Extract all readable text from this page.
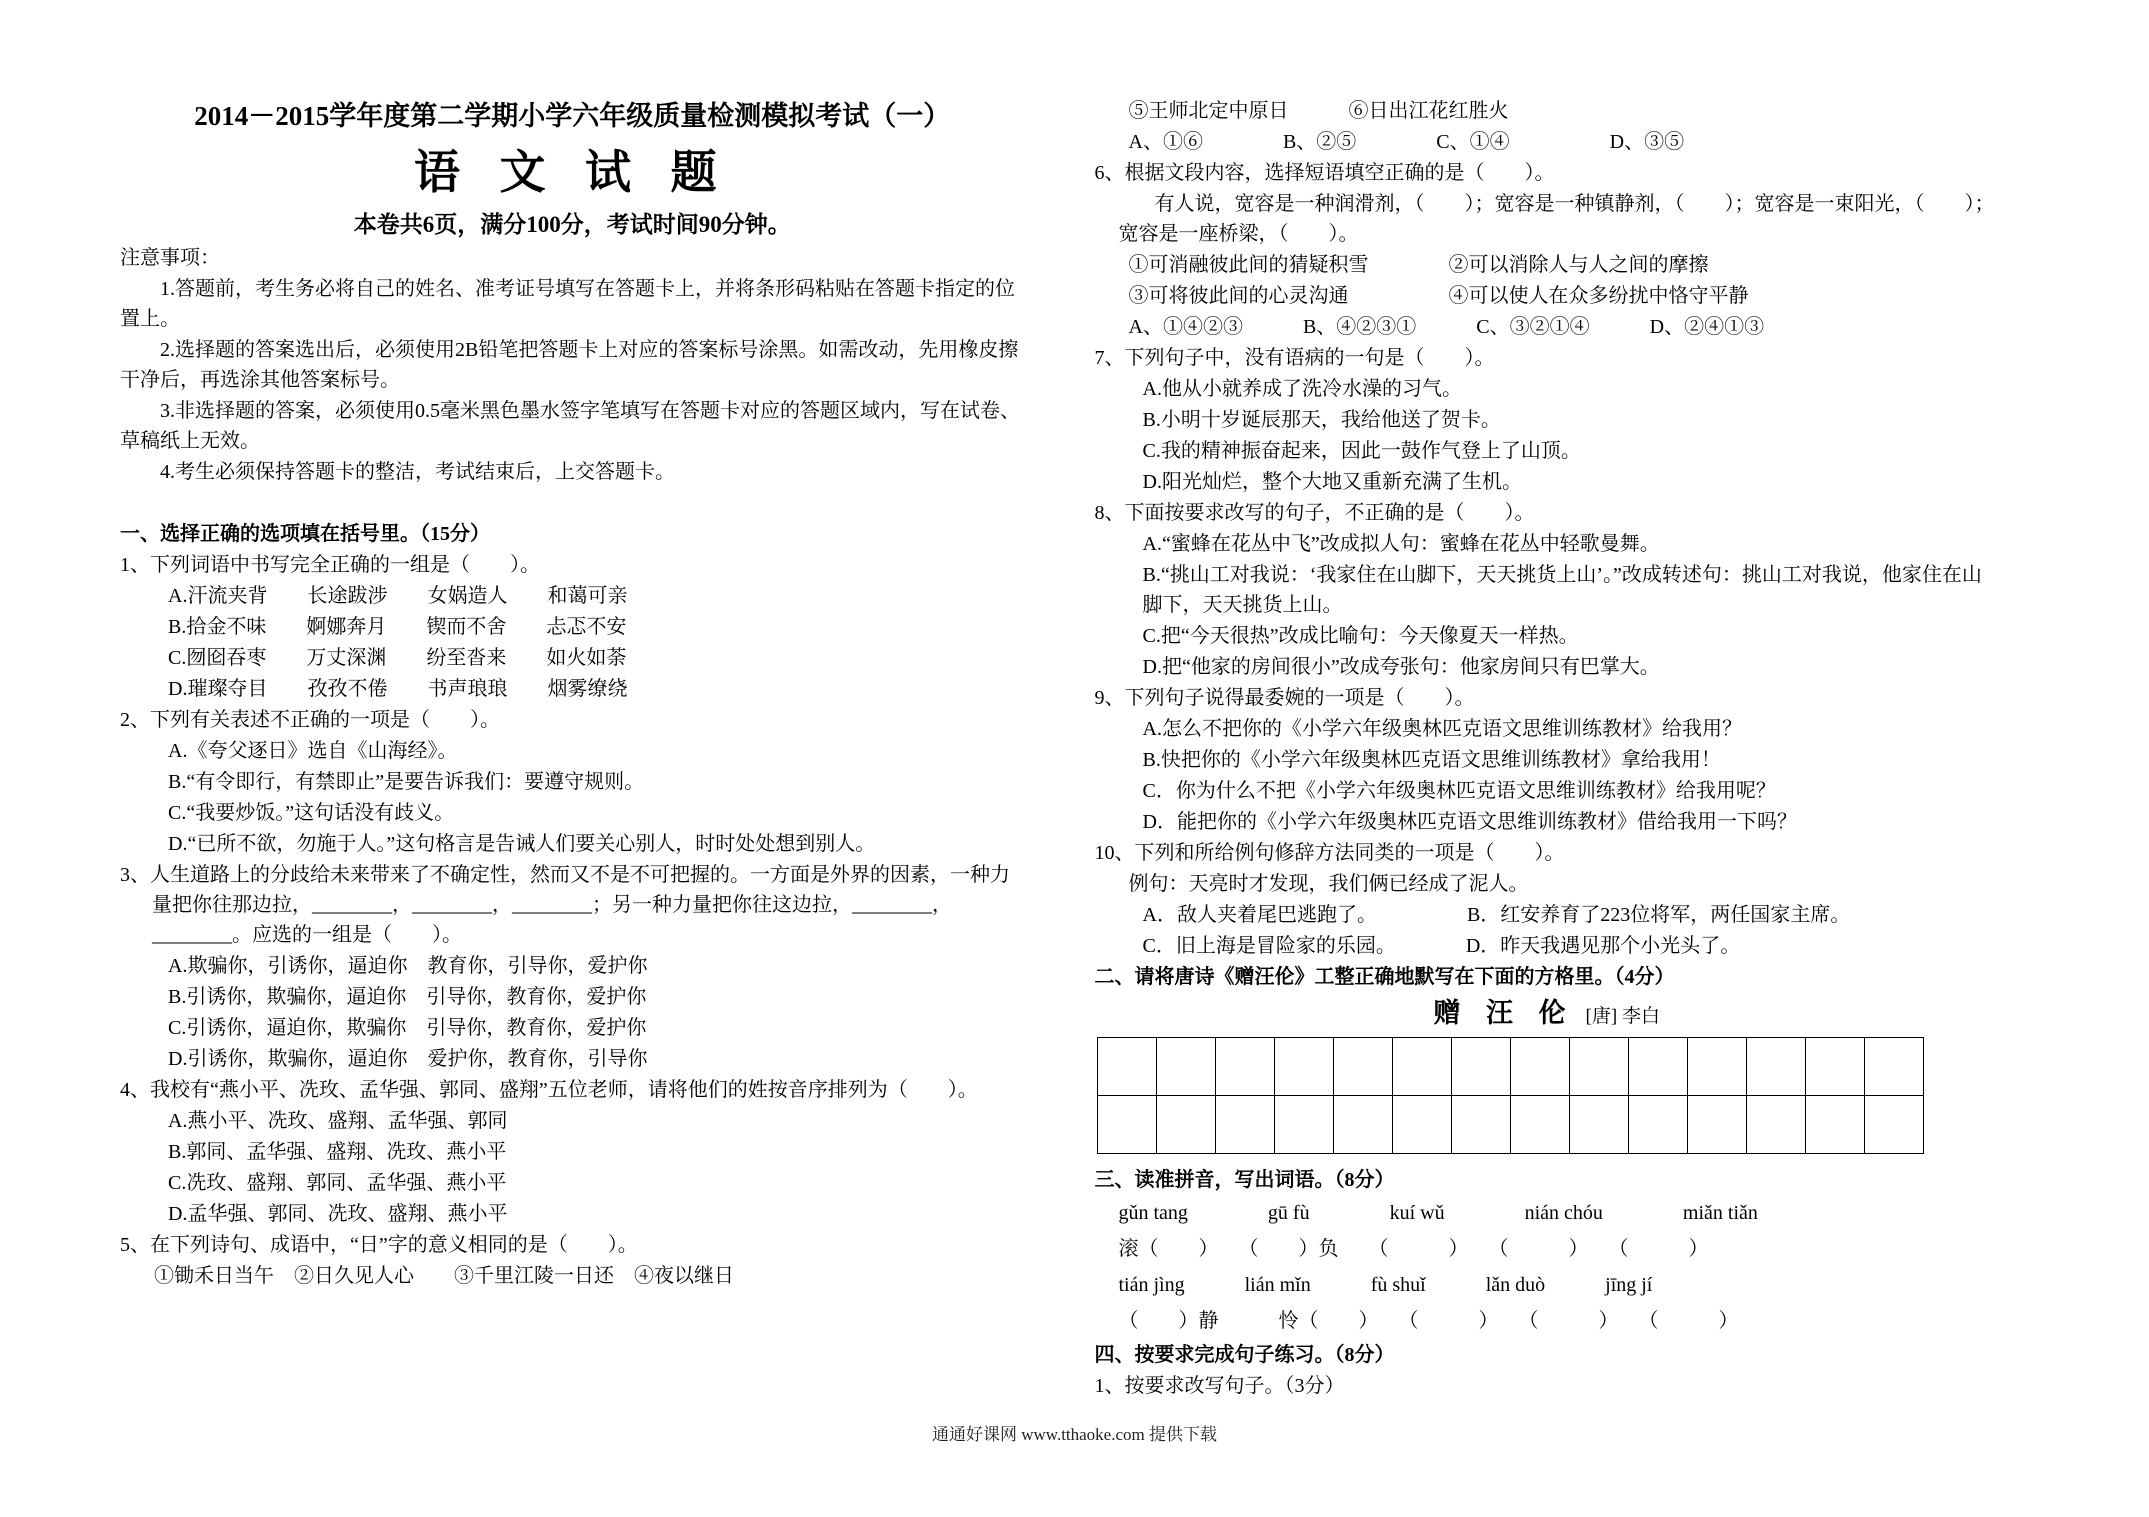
2014－2015学年度第二学期小学六年级质量检测模拟考试（一）
语 文 试 题
本卷共6页，满分100分，考试时间90分钟。
注意事项：
1.答题前，考生务必将自己的姓名、准考证号填写在答题卡上，并将条形码粘贴在答题卡指定的位置上。
2.选择题的答案选出后，必须使用2B铅笔把答题卡上对应的答案标号涂黑。如需改动，先用橡皮擦干净后，再选涂其他答案标号。
3.非选择题的答案，必须使用0.5毫米黑色墨水签字笔填写在答题卡对应的答题区域内，写在试卷、草稿纸上无效。
4.考生必须保持答题卡的整洁，考试结束后，上交答题卡。
一、选择正确的选项填在括号里。（15分）
1、下列词语中书写完全正确的一组是（　　）。
A.汗流夹背　　长途跋涉　　女娲造人　　和蔼可亲
B.拾金不味　　婀娜奔月　　锲而不舍　　忐忑不安
C.囫囵吞枣　　万丈深渊　　纷至沓来　　如火如荼
D.璀璨夺目　　孜孜不倦　　书声琅琅　　烟雾缭绕
2、下列有关表述不正确的一项是（　　）。
A.《夸父逐日》选自《山海经》。
B.“有令即行，有禁即止”是要告诉我们：要遵守规则。
C.“我要炒饭。”这句话没有歧义。
D.“已所不欲，勿施于人。”这句格言是告诫人们要关心别人，时时处处想到别人。
3、人生道路上的分歧给未来带来了不确定性，然而又不是不可把握的。一方面是外界的因素，一种力量把你往那边拉，________，________，________；另一种力量把你往这边拉，________，________。应选的一组是（　　）。
A.欺骗你，引诱你，逼迫你　教育你，引导你，爱护你
B.引诱你，欺骗你，逼迫你　引导你，教育你，爱护你
C.引诱你，逼迫你，欺骗你　引导你，教育你，爱护你
D.引诱你，欺骗你，逼迫你　爱护你，教育你，引导你
4、我校有“燕小平、冼玫、孟华强、郭同、盛翔”五位老师，请将他们的姓按音序排列为（　　）。
A.燕小平、冼玫、盛翔、孟华强、郭同
B.郭同、孟华强、盛翔、冼玫、燕小平
C.冼玫、盛翔、郭同、孟华强、燕小平
D.孟华强、郭同、冼玫、盛翔、燕小平
5、在下列诗句、成语中，“日”字的意义相同的是（　　）。
①锄禾日当午　②日久见人心　　③千里江陵一日还　④夜以继日
⑤王师北定中原日　　　⑥日出江花红胜火
A、①⑥　　　　B、②⑤　　　　C、①④　　　　　D、③⑤
6、根据文段内容，选择短语填空正确的是（　　）。
有人说，宽容是一种润滑剂，（　　）；宽容是一种镇静剂，（　　）；宽容是一束阳光，（　　）；宽容是一座桥梁，（　　）。
①可消融彼此间的猜疑积雪　　　　②可以消除人与人之间的摩擦
③可将彼此间的心灵沟通　　　　　④可以使人在众多纷扰中恪守平静
A、①④②③　　　B、④②③①　　　C、③②①④　　　D、②④①③
7、下列句子中，没有语病的一句是（　　）。
A.他从小就养成了洗冷水澡的习气。
B.小明十岁诞辰那天，我给他送了贺卡。
C.我的精神振奋起来，因此一鼓作气登上了山顶。
D.阳光灿烂，整个大地又重新充满了生机。
8、下面按要求改写的句子，不正确的是（　　）。
A.“蜜蜂在花丛中飞”改成拟人句：蜜蜂在花丛中轻歌曼舞。
B.“挑山工对我说：‘我家住在山脚下，天天挑货上山’。”改成转述句：挑山工对我说，他家住在山脚下，天天挑货上山。
C.把“今天很热”改成比喻句：今天像夏天一样热。
D.把“他家的房间很小”改成夸张句：他家房间只有巴掌大。
9、下列句子说得最委婉的一项是（　　）。
A.怎么不把你的《小学六年级奥林匹克语文思维训练教材》给我用？
B.快把你的《小学六年级奥林匹克语文思维训练教材》拿给我用！
C．你为什么不把《小学六年级奥林匹克语文思维训练教材》给我用呢？
D．能把你的《小学六年级奥林匹克语文思维训练教材》借给我用一下吗？
10、下列和所给例句修辞方法同类的一项是（　　）。
例句：天亮时才发现，我们俩已经成了泥人。
A．敌人夹着尾巴逃跑了。　　　　　B．红安养育了223位将军，两任国家主席。
C．旧上海是冒险家的乐园。　　　　D．昨天我遇见那个小光头了。
二、请将唐诗《赠汪伦》工整正确地默写在下面的方格里。（4分）
赠  汪  伦 [唐] 李白
三、读准拼音，写出词语。（8分）
gǔn tang　　　　gū fù　　　　kuí wǔ　　　　nián chóu　　　　miǎn tiǎn
滚（　　）　　（　　）负　　（　　　）　　（　　　）　　（　　　）
tián jìng　　　lián mǐn　　　fù shuǐ　　　lǎn duò　　　jīng jí
（　　）静　　　怜（　　）　　（　　　）　　（　　　）　　（　　　）
四、按要求完成句子练习。（8分）
1、按要求改写句子。（3分）
通通好课网 www.tthaoke.com 提供下载
